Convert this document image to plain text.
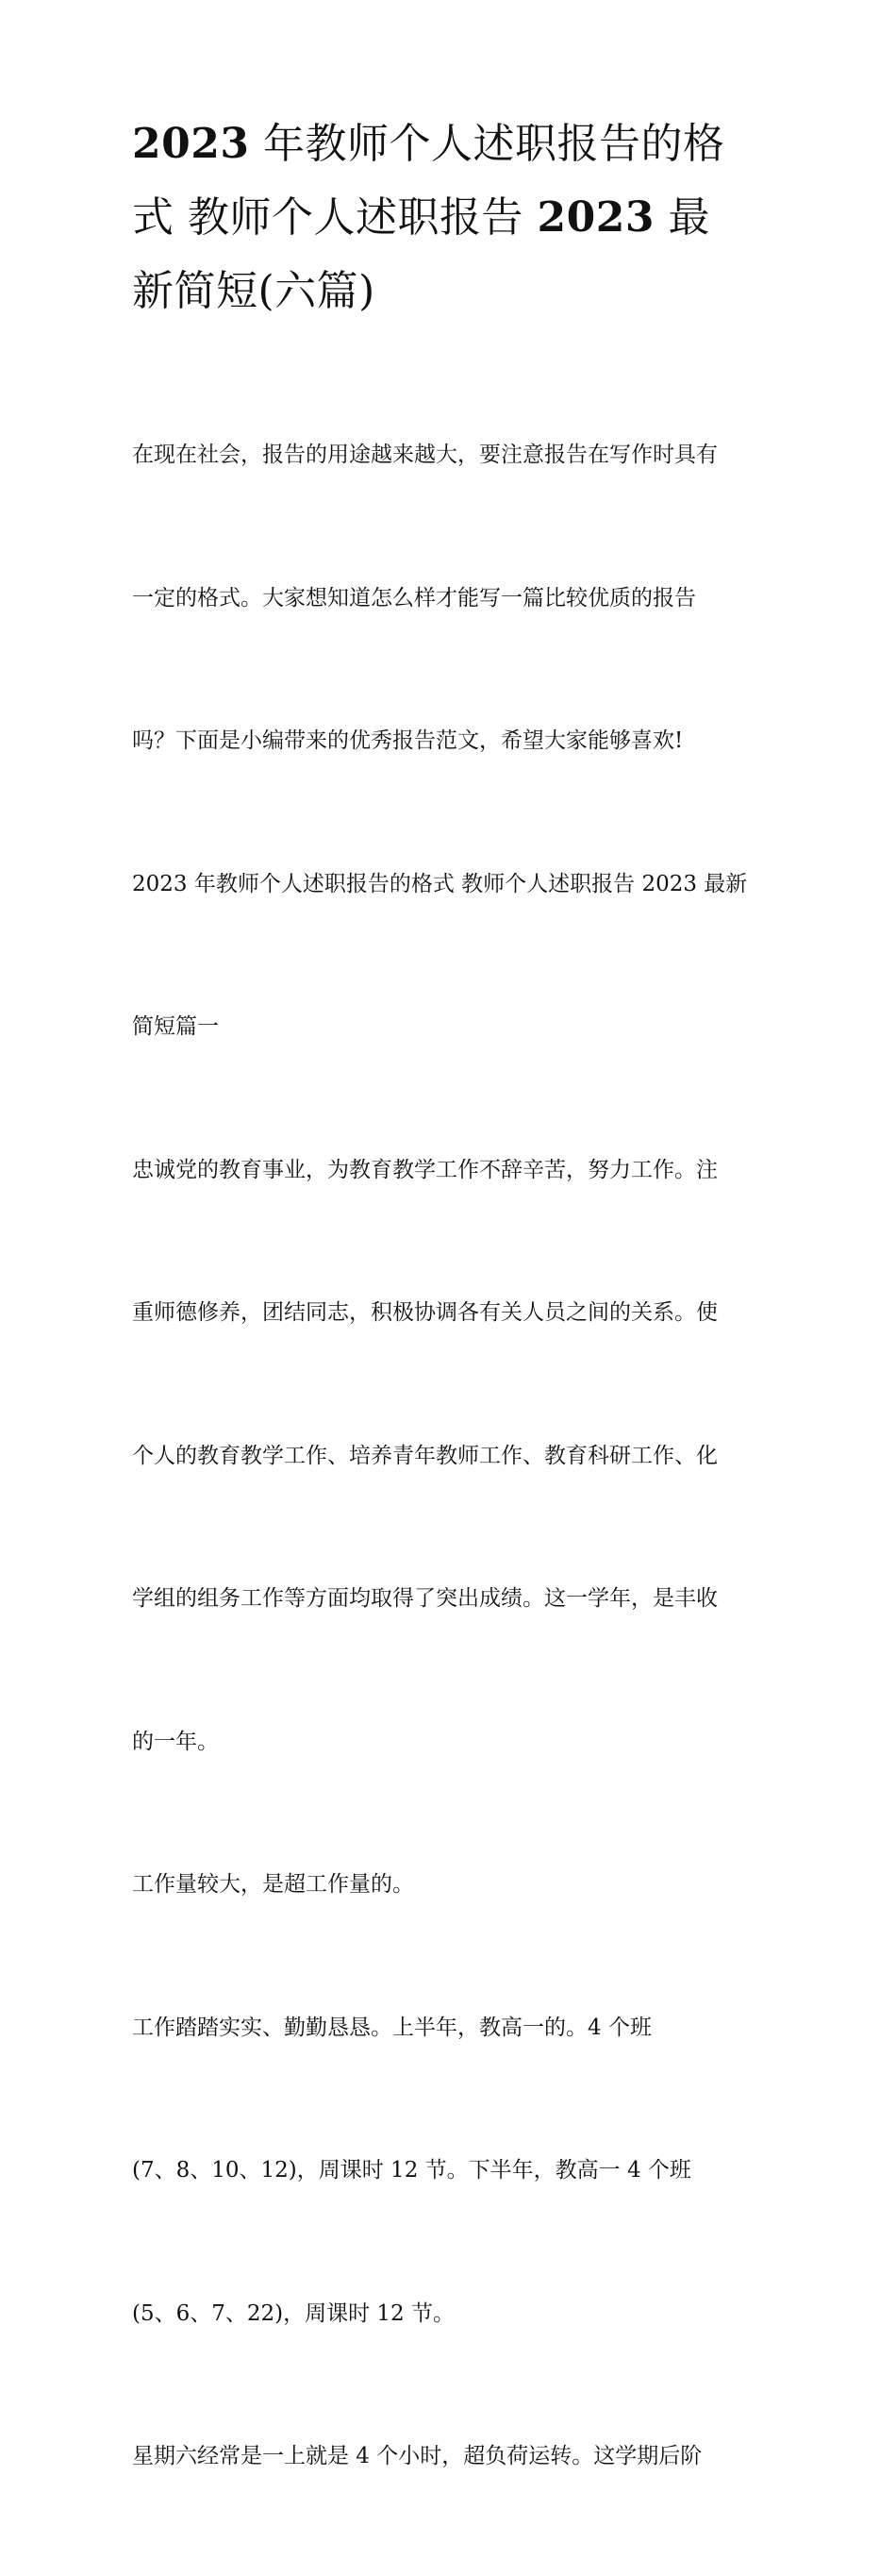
2023 年教师个人述职报告的格
式 教师个人述职报告 2023 最
新简短(六篇)

在现在社会，报告的用途越来越大，要注意报告在写作时具有

一定的格式。大家想知道怎么样才能写一篇比较优质的报告

吗？下面是小编带来的优秀报告范文，希望大家能够喜欢!

2023 年教师个人述职报告的格式 教师个人述职报告 2023 最新

简短篇一

忠诚党的教育事业，为教育教学工作不辞辛苦，努力工作。注

重师德修养，团结同志，积极协调各有关人员之间的关系。使

个人的教育教学工作、培养青年教师工作、教育科研工作、化

学组的组务工作等方面均取得了突出成绩。这一学年，是丰收

的一年。

工作量较大，是超工作量的。

工作踏踏实实、勤勤恳恳。上半年，教高一的。4 个班

(7、8、10、12)，周课时 12 节。下半年，教高一 4 个班

(5、6、7、22)，周课时 12 节。

星期六经常是一上就是 4 个小时，超负荷运转。这学期后阶
